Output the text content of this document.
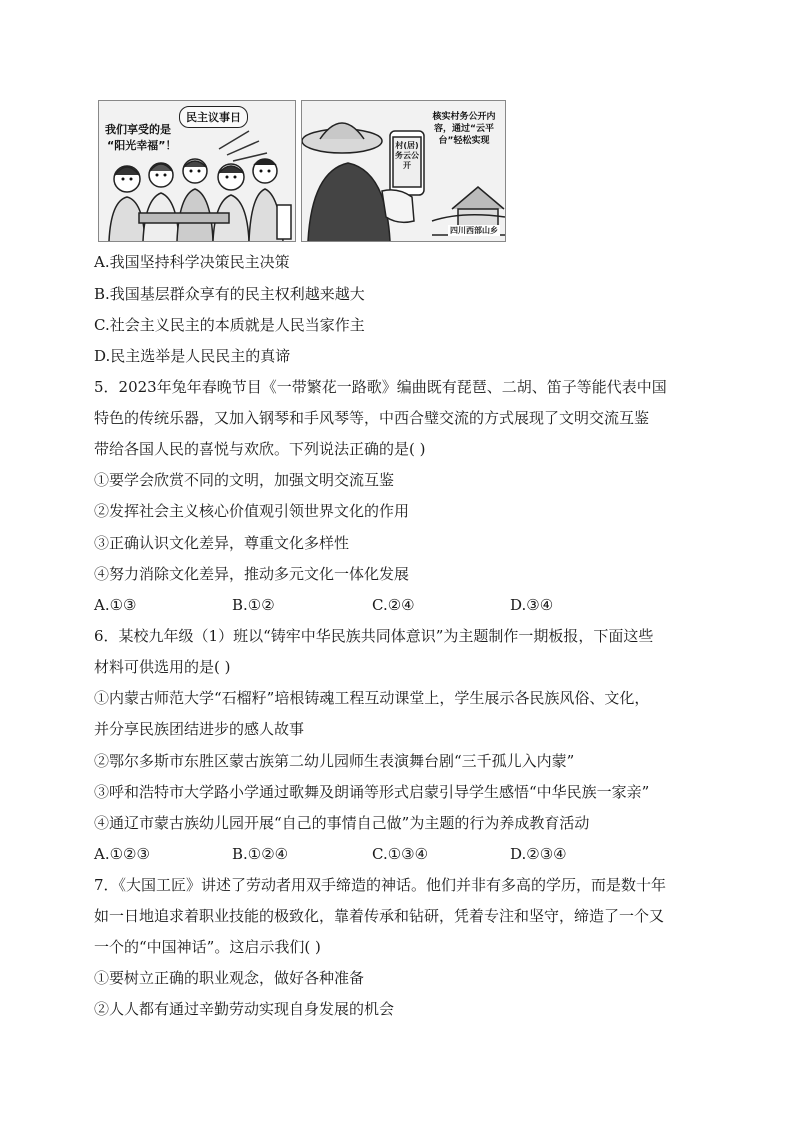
民主议事日
我们享受的是
“阳光幸福”！	村(居)务云公开
核实村务公开内容，通过“云平台”轻松实现
四川西部山乡
A.我国坚持科学决策民主决策
B.我国基层群众享有的民主权利越来越大
C.社会主义民主的本质就是人民当家作主
D.民主选举是人民民主的真谛
5．2023年兔年春晚节目《一带繁花一路歌》编曲既有琵琶、二胡、笛子等能代表中国
特色的传统乐器，又加入钢琴和手风琴等，中西合璧交流的方式展现了文明交流互鉴
带给各国人民的喜悦与欢欣。下列说法正确的是( )
①要学会欣赏不同的文明，加强文明交流互鉴
②发挥社会主义核心价值观引领世界文化的作用
③正确认识文化差异，尊重文化多样性
④努力消除文化差异，推动多元文化一体化发展
A.①③	B.①②	C.②④	D.③④
6．某校九年级（1）班以“铸牢中华民族共同体意识”为主题制作一期板报，下面这些
材料可供选用的是( )
①内蒙古师范大学“石榴籽”培根铸魂工程互动课堂上，学生展示各民族风俗、文化，
并分享民族团结进步的感人故事
②鄂尔多斯市东胜区蒙古族第二幼儿园师生表演舞台剧“三千孤儿入内蒙”
③呼和浩特市大学路小学通过歌舞及朗诵等形式启蒙引导学生感悟“中华民族一家亲”
④通辽市蒙古族幼儿园开展“自己的事情自己做”为主题的行为养成教育活动
A.①②③	B.①②④	C.①③④	D.②③④
7．《大国工匠》讲述了劳动者用双手缔造的神话。他们并非有多高的学历，而是数十年
如一日地追求着职业技能的极致化，靠着传承和钻研，凭着专注和坚守，缔造了一个又
一个的“中国神话”。这启示我们( )
①要树立正确的职业观念，做好各种准备
②人人都有通过辛勤劳动实现自身发展的机会
